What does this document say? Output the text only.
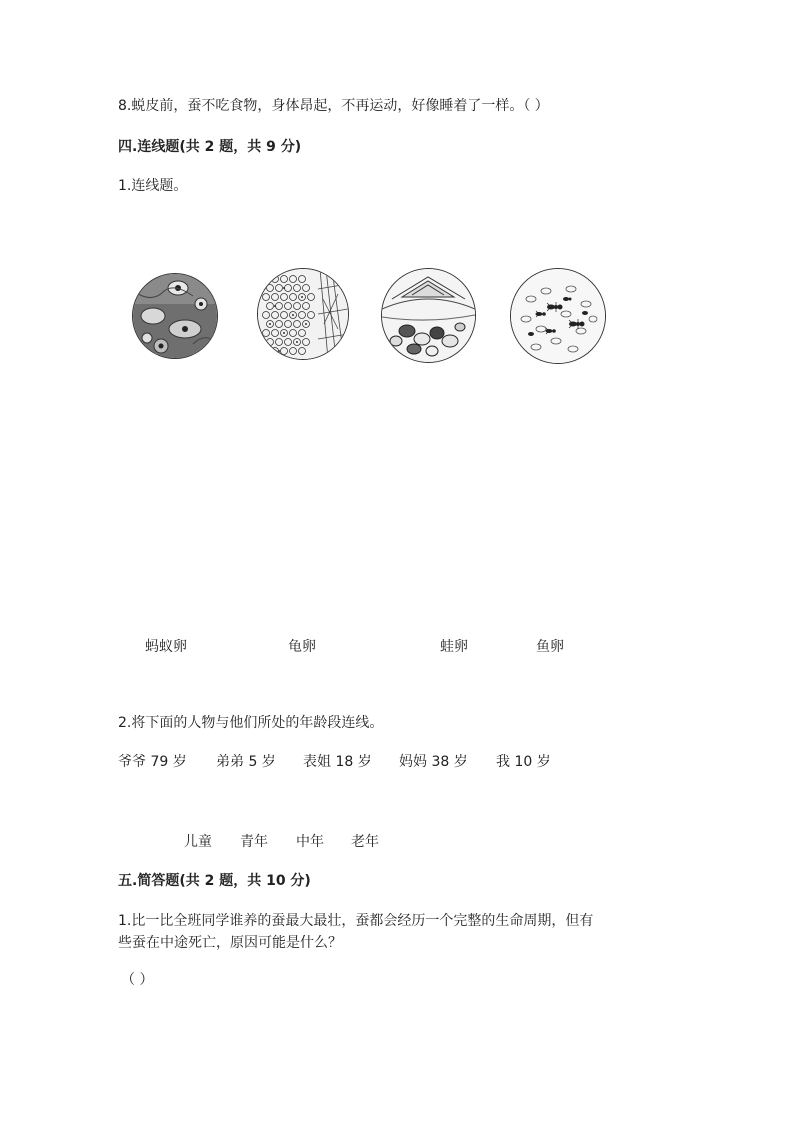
8.蜕皮前，蚕不吃食物，身体昂起，不再运动，好像睡着了一样。（ ）
四.连线题(共 2 题，共 9 分)
1.连线题。
蚂蚁卵	龟卵	蛙卵	鱼卵
2.将下面的人物与他们所处的年龄段连线。
爷爷 79 岁 弟弟 5 岁 表姐 18 岁 妈妈 38 岁 我 10 岁
儿童 青年 中年 老年
五.简答题(共 2 题，共 10 分)
1.比一比全班同学谁养的蚕最大最壮，蚕都会经历一个完整的生命周期，但有
些蚕在中途死亡，原因可能是什么？
（ ）
